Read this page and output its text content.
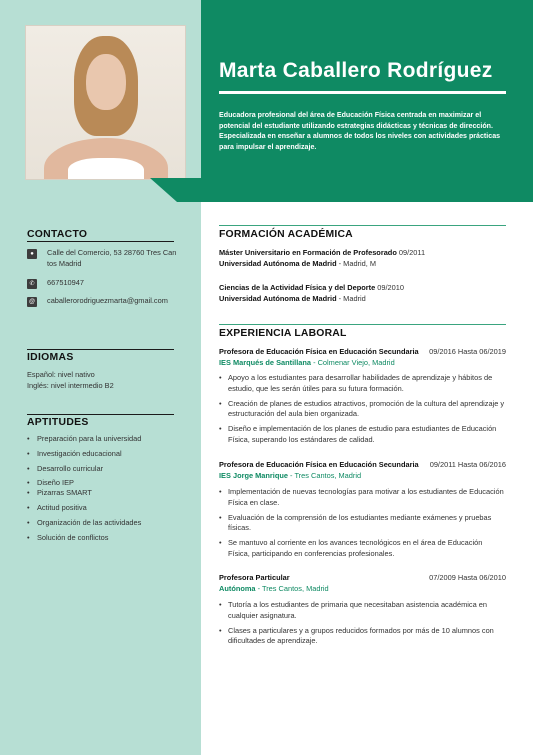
Marta Caballero Rodríguez

Educadora profesional del área de Educación Física centrada en maximizar el potencial del estudiante utilizando estrategias didácticas y técnicas de dirección. Especializada en enseñar a alumnos de todos los niveles con actividades prácticas para impulsar el aprendizaje.

CONTACTO
●	Calle del Comercio, 53 28760 Tres Cantos Madrid
✆	667510947
@ caballerorodriguezmarta@gmail.com
IDIOMAS
Español: nivel nativo
Inglés: nivel intermedio B2
APTITUDES
• Preparación para la universidad
• Investigación educacional
• Desarrollo curricular
• Diseño IEP
• Pizarras SMART
• Actitud positiva
• Organización de las actividades
• Solución de conflictos
FORMACIÓN ACADÉMICA
Máster Universitario en Formación de Profesorado 09/2011
Universidad Autónoma de Madrid - Madrid, M
Ciencias de la Actividad Física y del Deporte 09/2010
Universidad Autónoma de Madrid - Madrid
EXPERIENCIA LABORAL
Profesora de Educación Física en Educación Secundaria	09/2016 Hasta 06/2019
IES Marqués de Santillana - Colmenar Viejo, Madrid
• Apoyo a los estudiantes para desarrollar habilidades de aprendizaje y hábitos de estudio, que les serán útiles para su futura formación.
• Creación de planes de estudios atractivos, promoción de la cultura del aprendizaje y estructuración del aula bien organizada.
• Diseño e implementación de los planes de estudio para estudiantes de Educación Física, superando los estándares de calidad.
Profesora de Educación Física en Educación Secundaria	09/2011 Hasta 06/2016
IES Jorge Manrique - Tres Cantos, Madrid
• Implementación de nuevas tecnologías para motivar a los estudiantes de Educación Física en clase.
• Evaluación de la comprensión de los estudiantes mediante exámenes y pruebas físicas.
• Se mantuvo al corriente en los avances tecnológicos en el área de Educación Física, participando en conferencias profesionales.
Profesora Particular	07/2009 Hasta 06/2010
Autónoma - Tres Cantos, Madrid
• Tutoría a los estudiantes de primaria que necesitaban asistencia académica en cualquier asignatura.
• Clases a particulares y a grupos reducidos formados por más de 10 alumnos con dificultades de aprendizaje.
